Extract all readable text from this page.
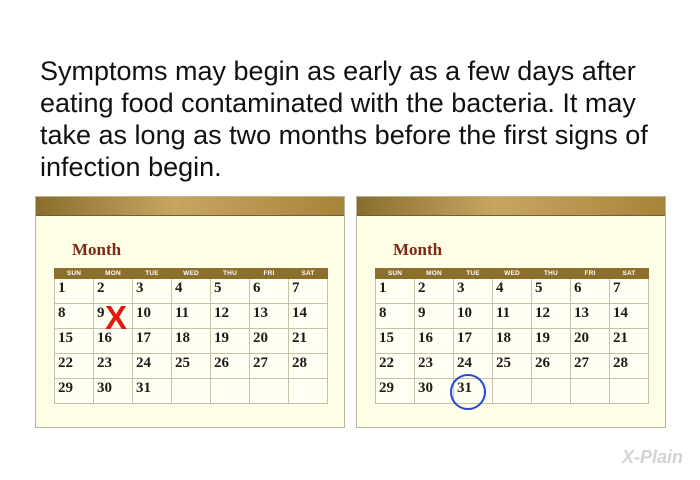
Symptoms may begin as early as a few days after eating food contaminated with the bacteria. It may take as long as two months before the first signs of infection begin.
Month
SUN	MON	TUE	WED	THU	FRI	SAT
1	2	3	4	5	6	7
8	9	10	11	12	13	14
15	16	17	18	19	20	21
22	23	24	25	26	27	28
29	30	31				
X
Month
SUN	MON	TUE	WED	THU	FRI	SAT
1	2	3	4	5	6	7
8	9	10	11	12	13	14
15	16	17	18	19	20	21
22	23	24	25	26	27	28
29	30	31				
X-Plain
